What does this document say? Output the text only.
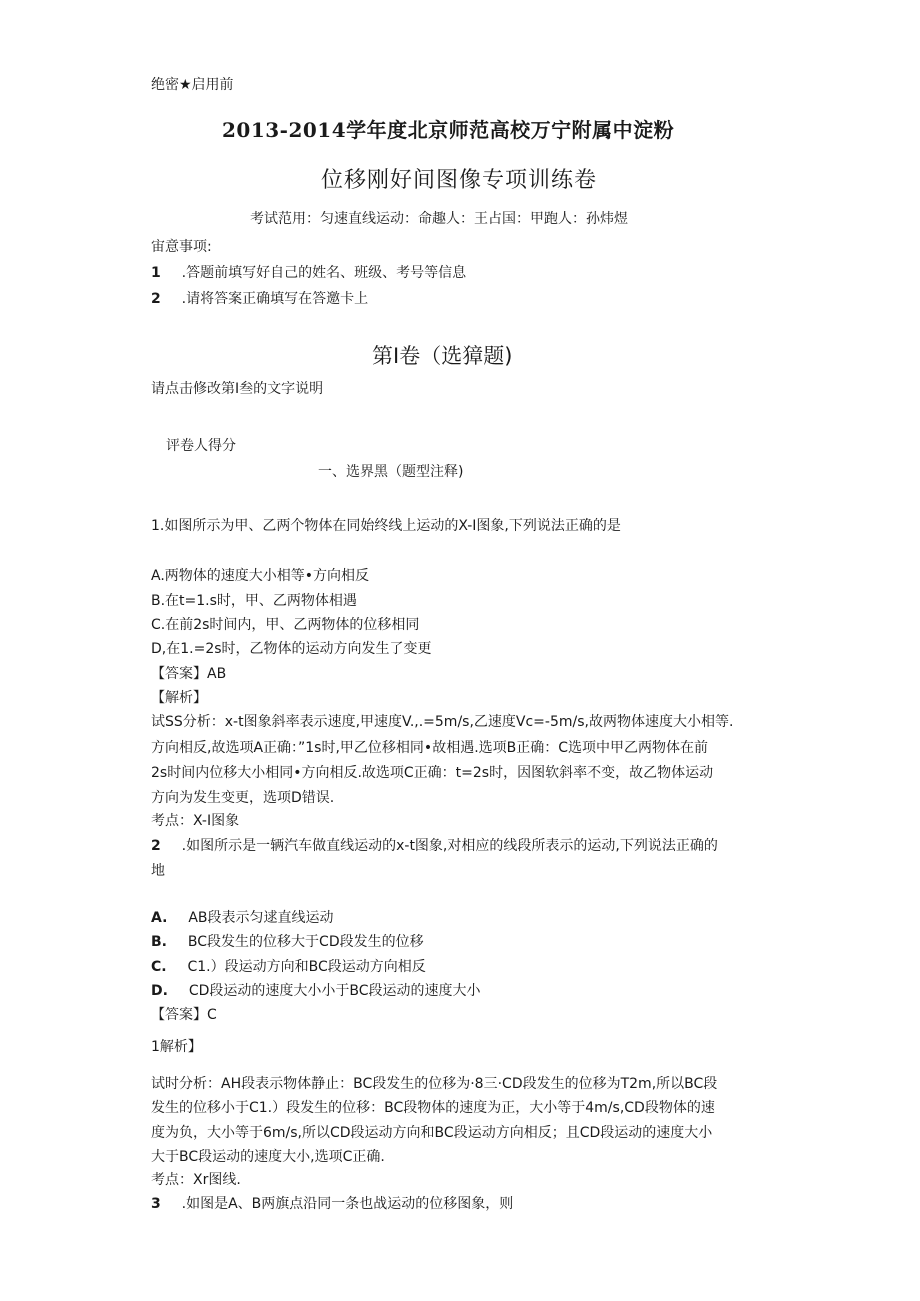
绝密★启用前
2013-2014学年度北京师范高校万宁附属中淀粉
位移刚好间图像专项训练卷
考试范用：匀速直线运动：命趣人：王占国：甲跑人：孙炜煜
宙意事项:
1 .答题前填写好自己的姓名、班级、考号等信息
2 .请将答案正确填写在答邀卡上
第I卷（选獐题)
请点击修改第I叁的文字说明
评卷人得分
一、选界黑（题型注释)
1.如图所示为甲、乙两个物体在同始终线上运动的X-I图象,下列说法正确的是
A.两物体的速度大小相等•方向相反
B.在t=1.s时，甲、乙两物体相遇
C.在前2s时间内，甲、乙两物体的位移相同
D,在1.=2s时，乙物体的运动方向发生了变更
【答案】AB
【解析】
试SS分析：x-t图象斜率表示速度,甲速度V.,.=5m/s,乙速度Vc=-5m/s,故两物体速度大小相等.
方向相反,故选项A正确：”1s时,甲乙位移相同•故相遇.选项B正确：C选项中甲乙两物体在前
2s时间内位移大小相同•方向相反.故选项C正确：t=2s时，因图软斜率不变，故乙物体运动
方向为发生变更，选项D错误.
考点：X-I图象
2 .如图所示是一辆汽车做直线运动的x-t图象,对相应的线段所表示的运动,下列说法正确的
地
A. AB段表示匀逑直线运动
B. BC段发生的位移大于CD段发生的位移
C. C1.）段运动方向和BC段运动方向相反
D. CD段运动的速度大小小于BC段运动的速度大小
【答案】C
1解析】
试时分析：AH段表示物体静止：BC段发生的位移为·8三·CD段发生的位移为T2m,所以BC段
发生的位移小于C1.）段发生的位移：BC段物体的速度为正，大小等于4m/s,CD段物体的速
度为负，大小等于6m/s,所以CD段运动方向和BC段运动方向相反；且CD段运动的速度大小
大于BC段运动的速度大小,选项C正确.
考点：Xr图线.
3 .如图是A、B两旗点沿同一条也战运动的位移图象，则
